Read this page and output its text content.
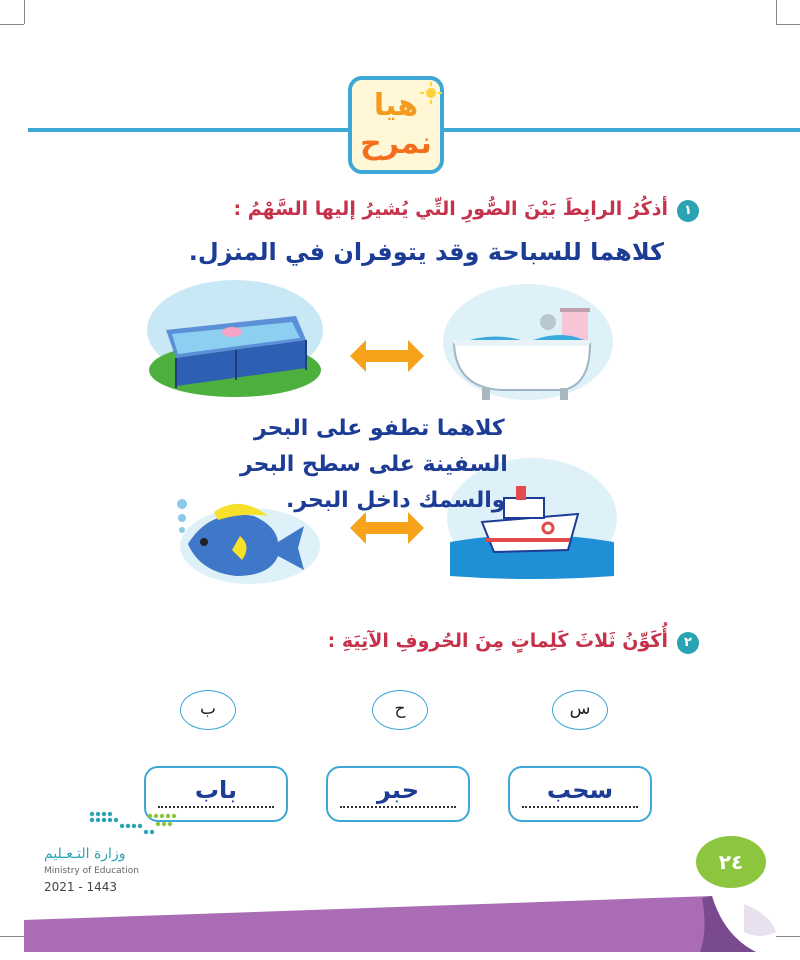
هيا
نمرح
١
أذكُرُ الرابِطَ بَيْنَ الصُّورِ التِّي يُشيرُ إليها السَّهْمُ :
كلاهما للسباحة وقد يتوفران في المنزل.
كلاهما تطفو على البحر
السفينة على سطح البحر
والسمك داخل البحر.
٢
أُكَوِّنُ ثَلاثَ كَلِماتٍ مِنَ الحُروفِ الآتِيَةِ :
ب	ح	س
باب	حبر	سحب
وزارة التـعـليم
Ministry of Education
2021 - 1443
٢٤
